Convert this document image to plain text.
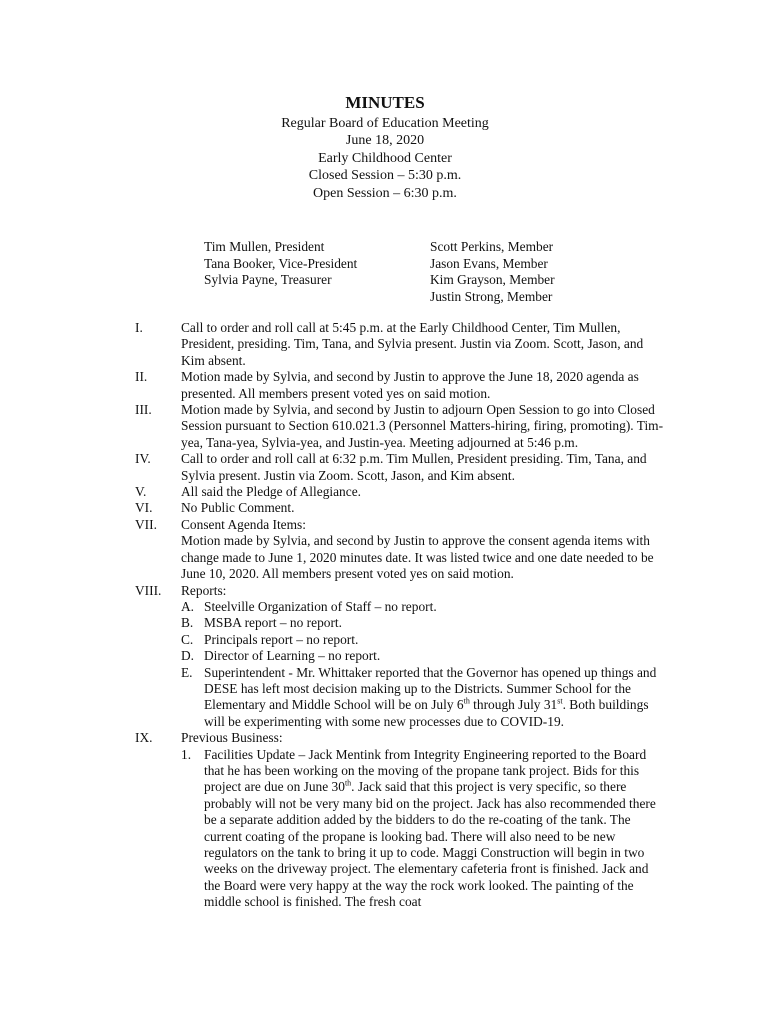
MINUTES
Regular Board of Education Meeting
June 18, 2020
Early Childhood Center
Closed Session – 5:30 p.m.
Open Session – 6:30 p.m.
Tim Mullen, President
Tana Booker, Vice-President
Sylvia Payne, Treasurer
Scott Perkins, Member
Jason Evans, Member
Kim Grayson, Member
Justin Strong, Member
I.	Call to order and roll call at 5:45 p.m. at the Early Childhood Center, Tim Mullen, President, presiding. Tim, Tana, and Sylvia present. Justin via Zoom. Scott, Jason, and Kim absent.
II.	Motion made by Sylvia, and second by Justin to approve the June 18, 2020 agenda as presented. All members present voted yes on said motion.
III. Motion made by Sylvia, and second by Justin to adjourn Open Session to go into Closed Session pursuant to Section 610.021.3 (Personnel Matters-hiring, firing, promoting). Tim-yea, Tana-yea, Sylvia-yea, and Justin-yea. Meeting adjourned at 5:46 p.m.
IV. Call to order and roll call at 6:32 p.m. Tim Mullen, President presiding. Tim, Tana, and Sylvia present. Justin via Zoom. Scott, Jason, and Kim absent.
V.	All said the Pledge of Allegiance.
VI. No Public Comment.
VII. Consent Agenda Items:
Motion made by Sylvia, and second by Justin to approve the consent agenda items with change made to June 1, 2020 minutes date. It was listed twice and one date needed to be June 10, 2020. All members present voted yes on said motion.
VIII. Reports:
A. Steelville Organization of Staff – no report.
B. MSBA report – no report.
C. Principals report – no report.
D. Director of Learning – no report.
E. Superintendent - Mr. Whittaker reported that the Governor has opened up things and DESE has left most decision making up to the Districts. Summer School for the Elementary and Middle School will be on July 6th through July 31st. Both buildings will be experimenting with some new processes due to COVID-19.
IX. Previous Business:
1. Facilities Update – Jack Mentink from Integrity Engineering reported to the Board that he has been working on the moving of the propane tank project. Bids for this project are due on June 30th. Jack said that this project is very specific, so there probably will not be very many bid on the project. Jack has also recommended there be a separate addition added by the bidders to do the re-coating of the tank. The current coating of the propane is looking bad. There will also need to be new regulators on the tank to bring it up to code. Maggi Construction will begin in two weeks on the driveway project. The elementary cafeteria front is finished. Jack and the Board were very happy at the way the rock work looked. The painting of the middle school is finished. The fresh coat
